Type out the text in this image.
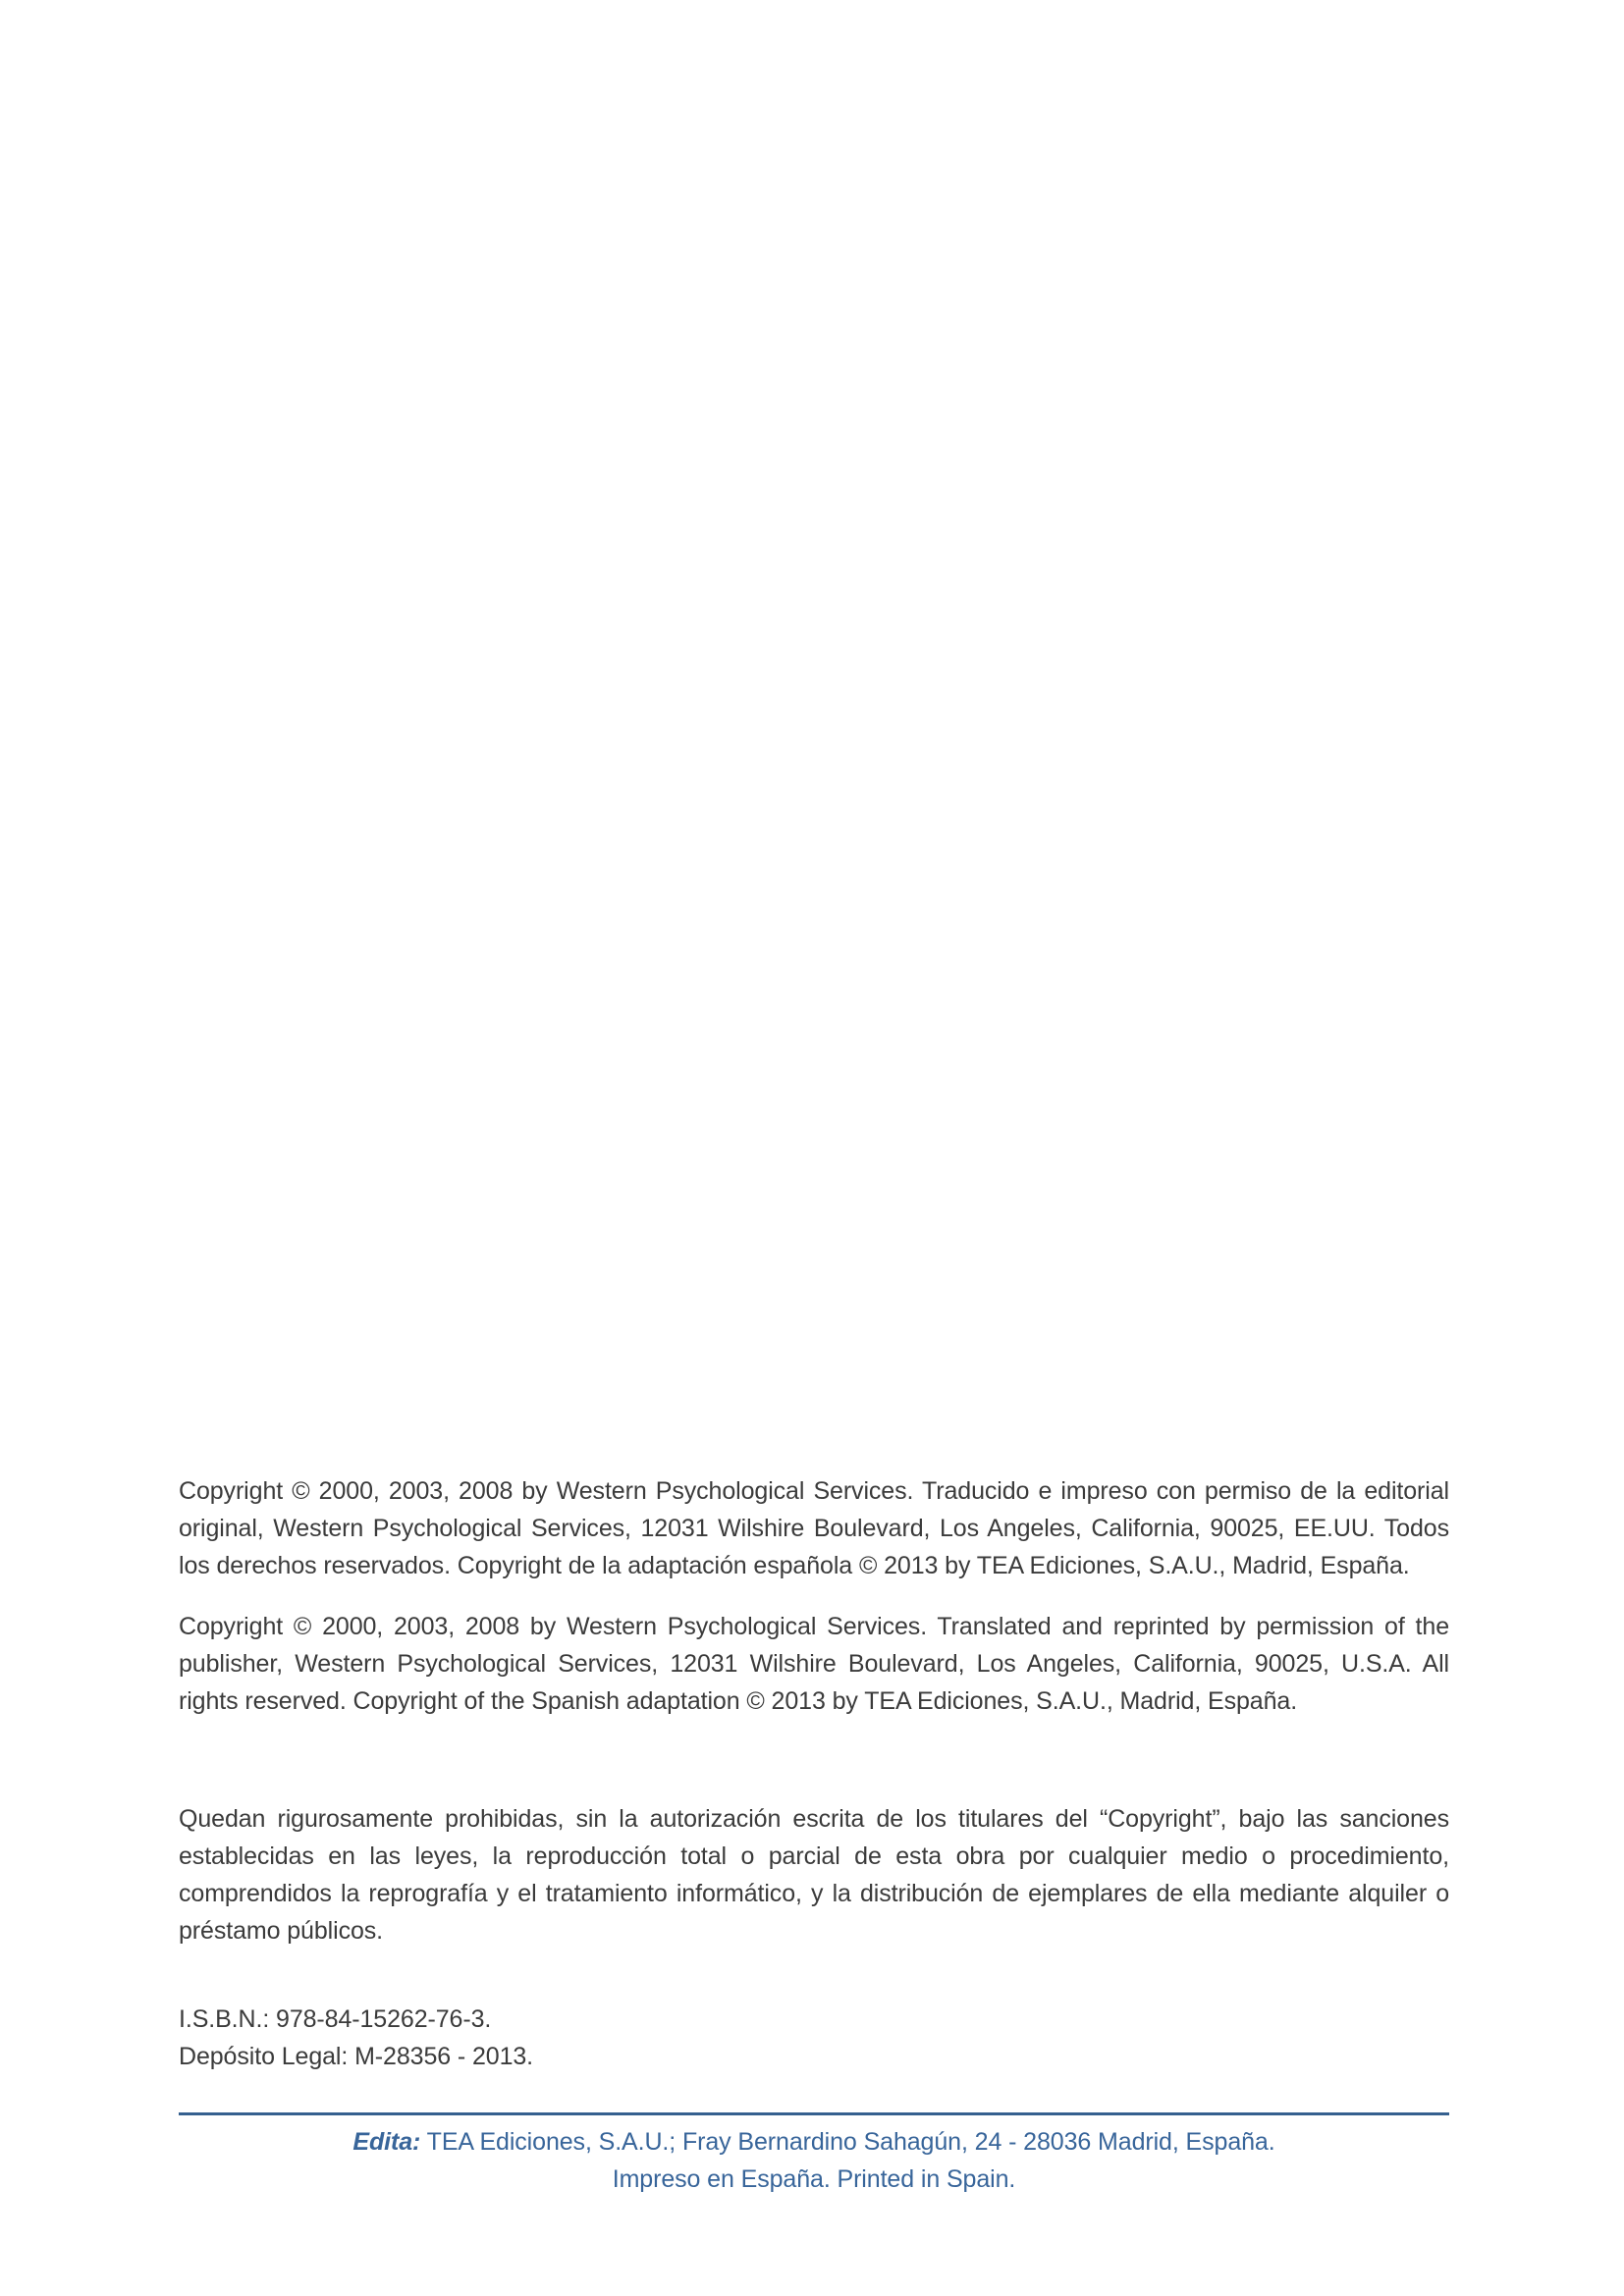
Copyright © 2000, 2003, 2008 by Western Psychological Services. Traducido e impreso con permiso de la editorial original, Western Psychological Services, 12031 Wilshire Boulevard, Los Angeles, California, 90025, EE.UU. Todos los derechos reservados. Copyright de la adaptación española © 2013 by TEA Ediciones, S.A.U., Madrid, España.

Copyright © 2000, 2003, 2008 by Western Psychological Services. Translated and reprinted by permission of the publisher, Western Psychological Services, 12031 Wilshire Boulevard, Los Angeles, California, 90025, U.S.A. All rights reserved. Copyright of the Spanish adaptation © 2013 by TEA Ediciones, S.A.U., Madrid, España.

Quedan rigurosamente prohibidas, sin la autorización escrita de los titulares del “Copyright”, bajo las sanciones establecidas en las leyes, la reproducción total o parcial de esta obra por cualquier medio o procedimiento, comprendidos la reprografía y el tratamiento informático, y la distribución de ejemplares de ella mediante alquiler o préstamo públicos.

I.S.B.N.: 978-84-15262-76-3.

Depósito Legal: M-28356 - 2013.

Edita: TEA Ediciones, S.A.U.; Fray Bernardino Sahagún, 24 - 28036 Madrid, España.

Impreso en España. Printed in Spain.
